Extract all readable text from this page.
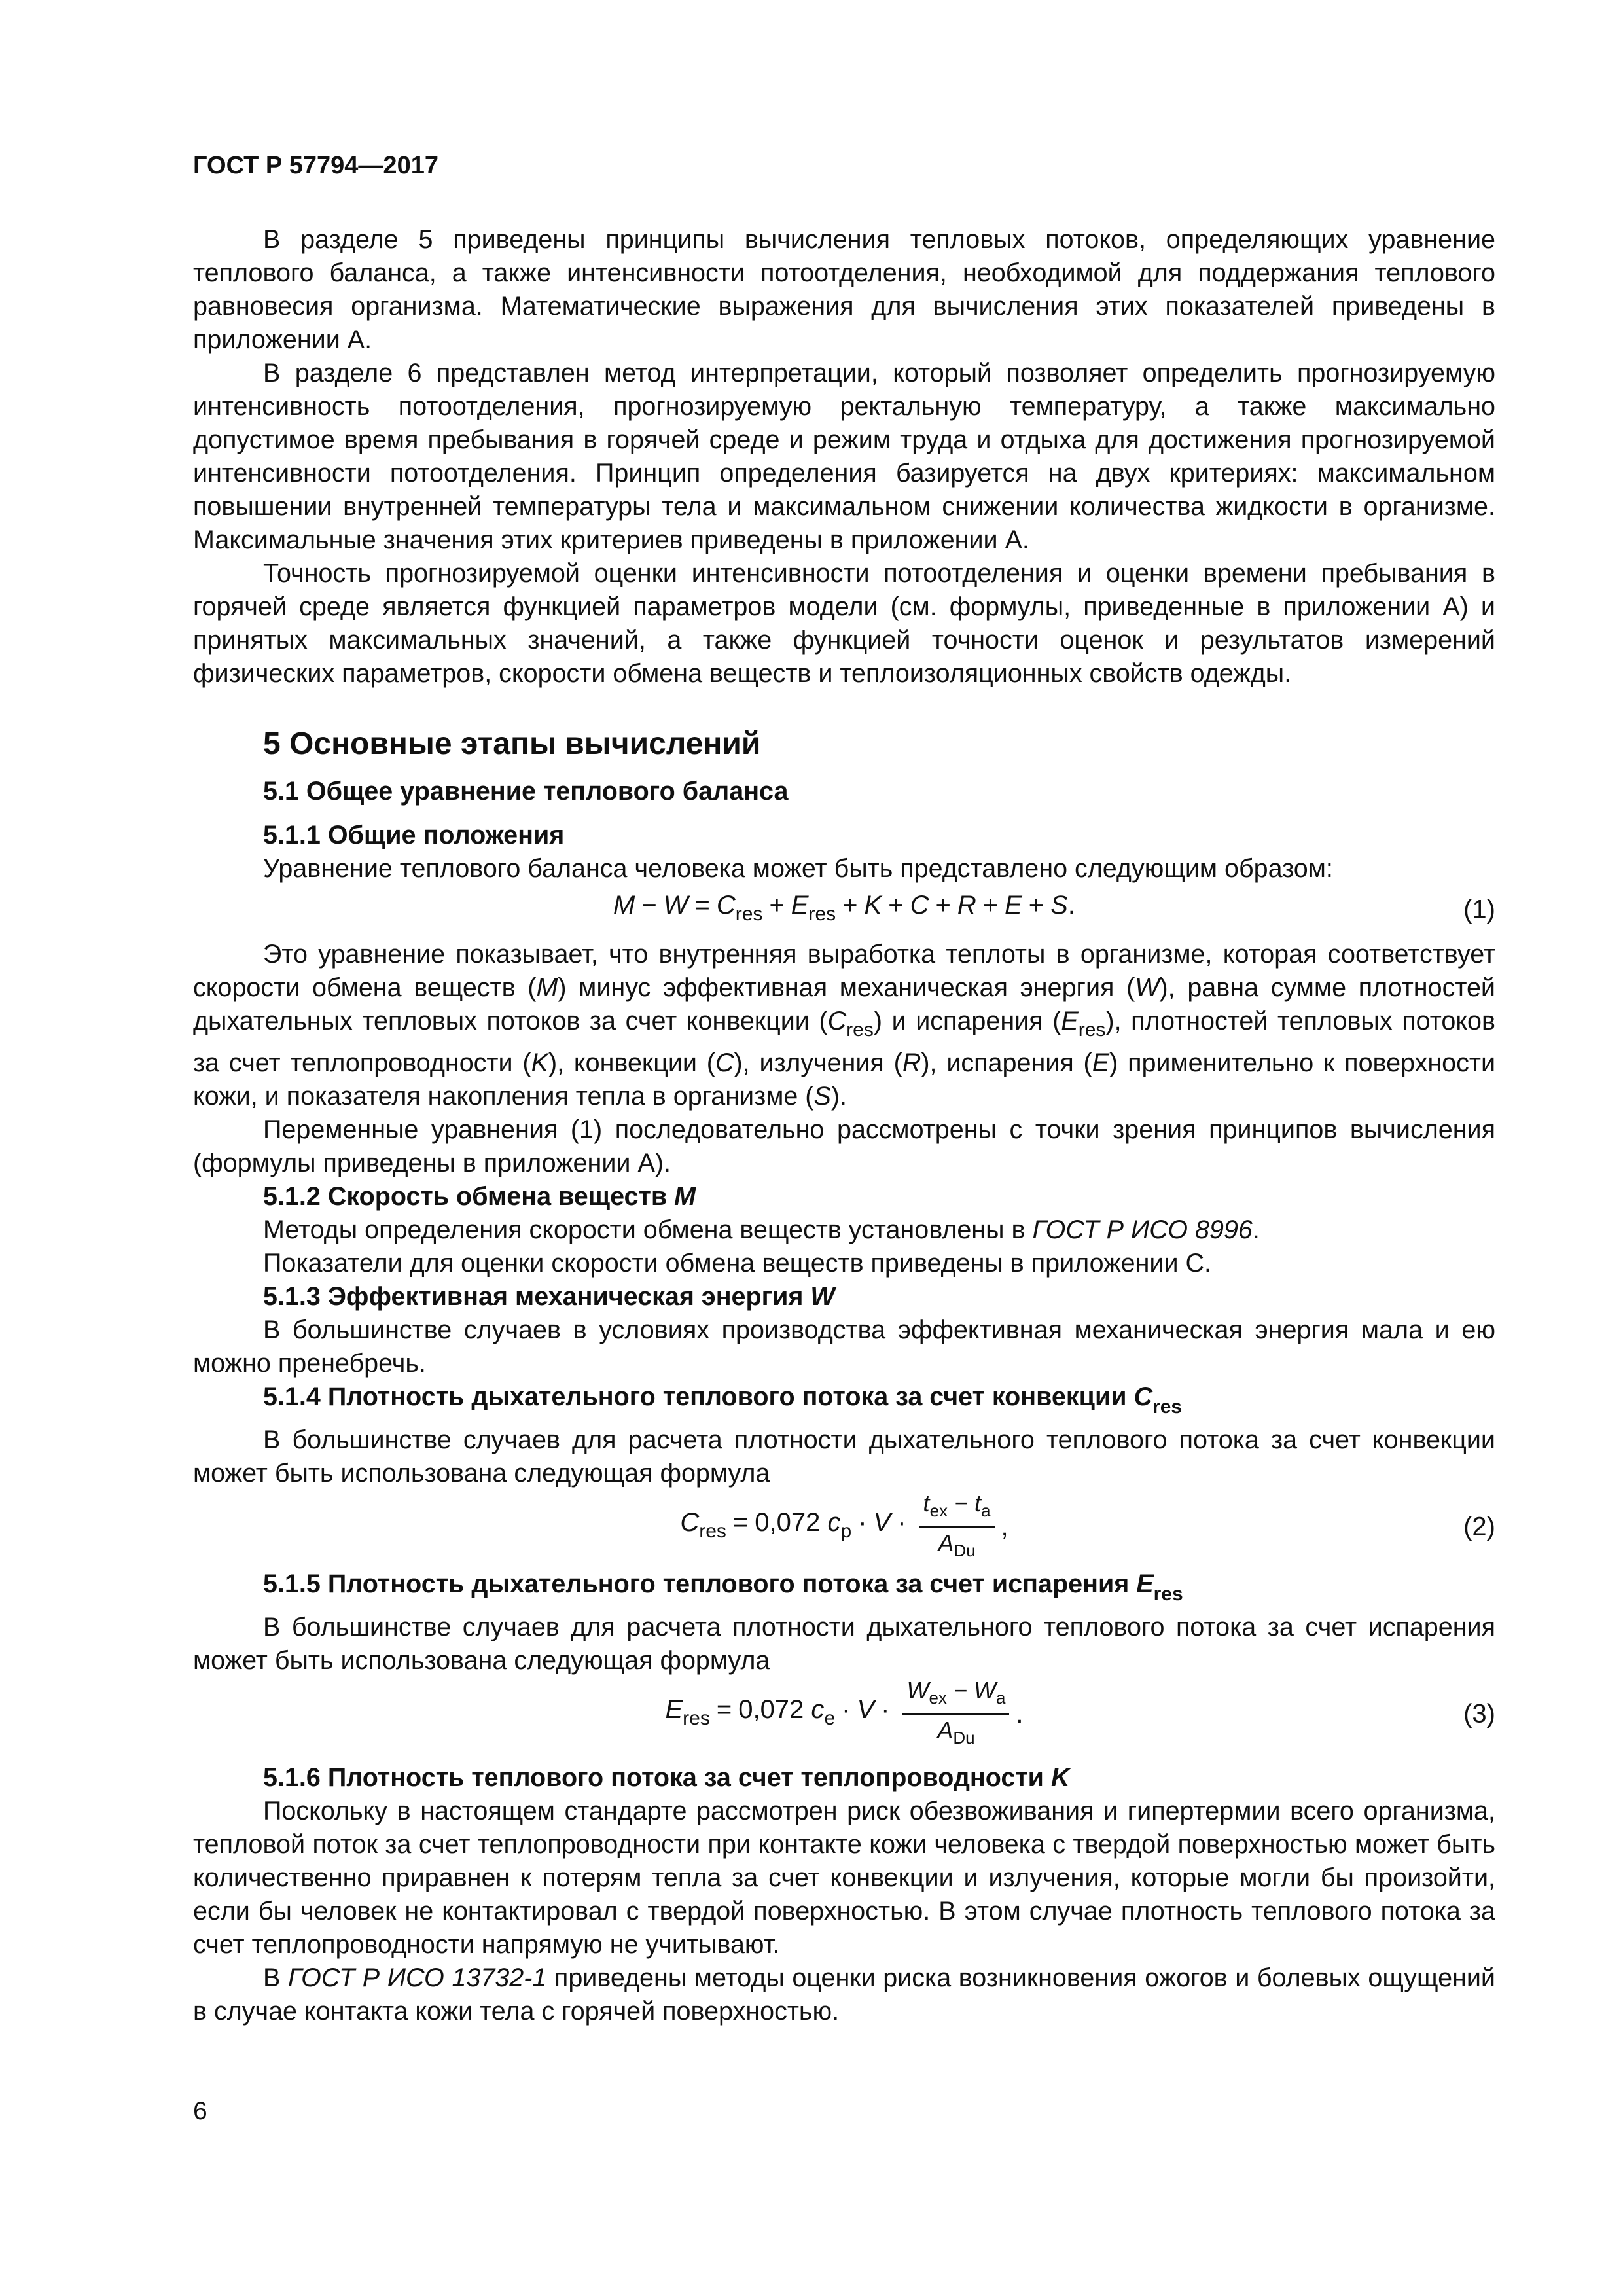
ГОСТ Р 57794—2017

В разделе 5 приведены принципы вычисления тепловых потоков, определяющих уравнение теплового баланса, а также интенсивности потоотделения, необходимой для поддержания теплового равновесия организма. Математические выражения для вычисления этих показателей приведены в приложении А.

В разделе 6 представлен метод интерпретации, который позволяет определить прогнозируемую интенсивность потоотделения, прогнозируемую ректальную температуру, а также максимально допустимое время пребывания в горячей среде и режим труда и отдыха для достижения прогнозируемой интенсивности потоотделения. Принцип определения базируется на двух критериях: максимальном повышении внутренней температуры тела и максимальном снижении количества жидкости в организме. Максимальные значения этих критериев приведены в приложении А.

Точность прогнозируемой оценки интенсивности потоотделения и оценки времени пребывания в горячей среде является функцией параметров модели (см. формулы, приведенные в приложении А) и принятых максимальных значений, а также функцией точности оценок и результатов измерений физических параметров, скорости обмена веществ и теплоизоляционных свойств одежды.

5 Основные этапы вычислений
5.1 Общее уравнение теплового баланса
5.1.1 Общие положения

Уравнение теплового баланса человека может быть представлено следующим образом:

$M - W = C_{res} + E_{res} + K + C + R + E + S$.	(1)

Это уравнение показывает, что внутренняя выработка теплоты в организме, которая соответствует скорости обмена веществ (M) минус эффективная механическая энергия (W), равна сумме плотностей дыхательных тепловых потоков за счет конвекции $(C_{res})$ и испарения $(E_{res})$, плотностей тепловых потоков за счет теплопроводности (K), конвекции (C), излучения (R), испарения (E) применительно к поверхности кожи, и показателя накопления тепла в организме (S).

Переменные уравнения (1) последовательно рассмотрены с точки зрения принципов вычисления (формулы приведены в приложении А).

5.1.2 Скорость обмена веществ M

Методы определения скорости обмена веществ установлены в ГОСТ Р ИСО 8996.

Показатели для оценки скорости обмена веществ приведены в приложении С.

5.1.3 Эффективная механическая энергия W

В большинстве случаев в условиях производства эффективная механическая энергия мала и ею можно пренебречь.

5.1.4 Плотность дыхательного теплового потока за счет конвекции $C_{res}$

В большинстве случаев для расчета плотности дыхательного теплового потока за счет конвекции может быть использована следующая формула

$C_{res} = 0,072$ $c_p \cdot V \cdot \frac{t_{ex} - t_a}{A_{Du}}$ ,	(2)
5.1.5 Плотность дыхательного теплового потока за счет испарения $E_{res}$

В большинстве случаев для расчета плотности дыхательного теплового потока за счет испарения может быть использована следующая формула

$E_{res} = 0,072$ $c_e \cdot V \cdot \frac{W_{ex} - W_a}{A_{Du}}$ .	(3)
5.1.6 Плотность теплового потока за счет теплопроводности K

Поскольку в настоящем стандарте рассмотрен риск обезвоживания и гипертермии всего организма, тепловой поток за счет теплопроводности при контакте кожи человека с твердой поверхностью может быть количественно приравнен к потерям тепла за счет конвекции и излучения, которые могли бы произойти, если бы человек не контактировал с твердой поверхностью. В этом случае плотность теплового потока за счет теплопроводности напрямую не учитывают.

В ГОСТ Р ИСО 13732-1 приведены методы оценки риска возникновения ожогов и болевых ощущений в случае контакта кожи тела с горячей поверхностью.

6
